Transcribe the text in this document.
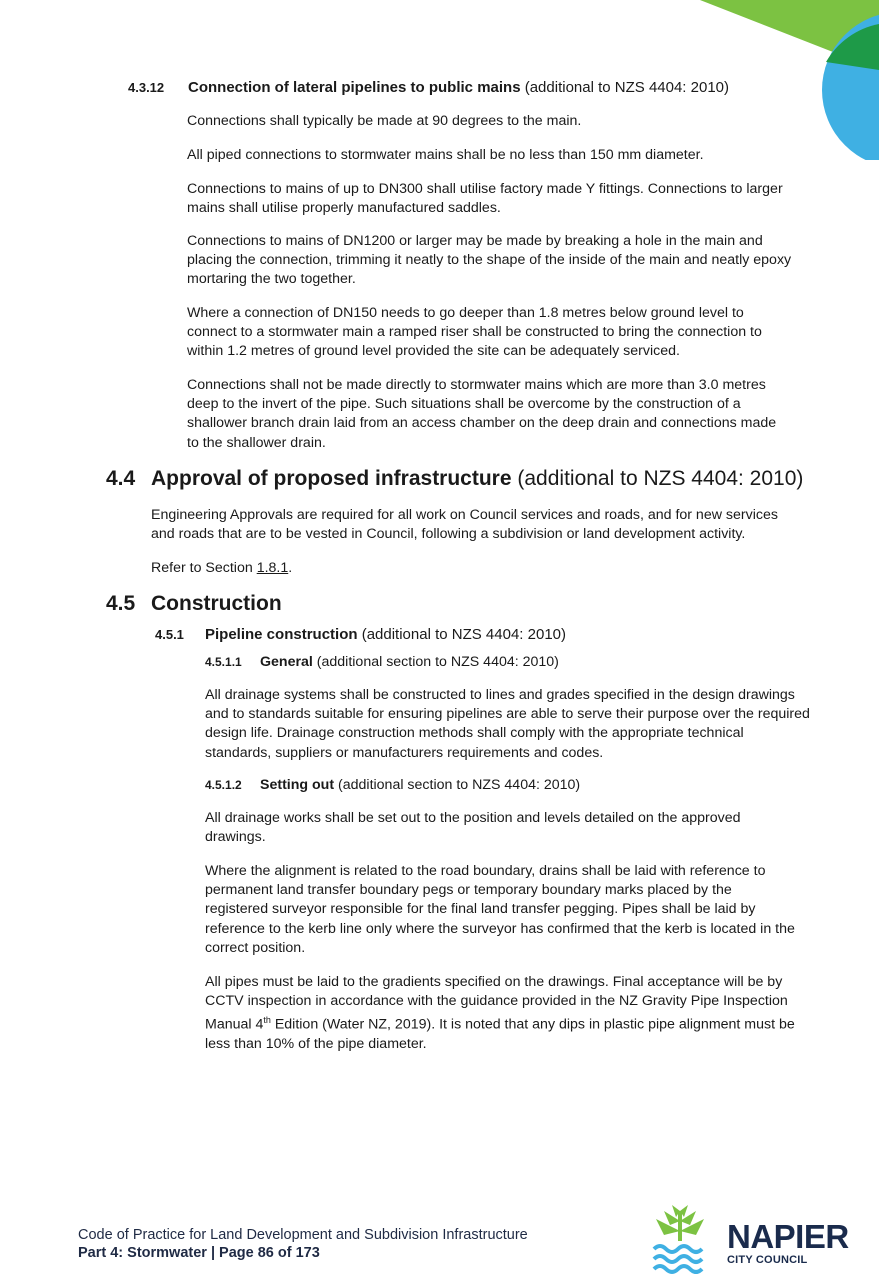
4.3.12 Connection of lateral pipelines to public mains (additional to NZS 4404: 2010)

Connections shall typically be made at 90 degrees to the main.

All piped connections to stormwater mains shall be no less than 150 mm diameter.

Connections to mains of up to DN300 shall utilise factory made Y fittings. Connections to larger mains shall utilise properly manufactured saddles.

Connections to mains of DN1200 or larger may be made by breaking a hole in the main and placing the connection, trimming it neatly to the shape of the inside of the main and neatly epoxy mortaring the two together.

Where a connection of DN150 needs to go deeper than 1.8 metres below ground level to connect to a stormwater main a ramped riser shall be constructed to bring the connection to within 1.2 metres of ground level provided the site can be adequately serviced.

Connections shall not be made directly to stormwater mains which are more than 3.0 metres deep to the invert of the pipe. Such situations shall be overcome by the construction of a shallower branch drain laid from an access chamber on the deep drain and connections made to the shallower drain.

4.4 Approval of proposed infrastructure (additional to NZS 4404: 2010)

Engineering Approvals are required for all work on Council services and roads, and for new services and roads that are to be vested in Council, following a subdivision or land development activity.

Refer to Section 1.8.1.

4.5 Construction
4.5.1 Pipeline construction (additional to NZS 4404: 2010)
4.5.1.1 General (additional section to NZS 4404: 2010)

All drainage systems shall be constructed to lines and grades specified in the design drawings and to standards suitable for ensuring pipelines are able to serve their purpose over the required design life. Drainage construction methods shall comply with the appropriate technical standards, suppliers or manufacturers requirements and codes.

4.5.1.2 Setting out (additional section to NZS 4404: 2010)

All drainage works shall be set out to the position and levels detailed on the approved drawings.

Where the alignment is related to the road boundary, drains shall be laid with reference to permanent land transfer boundary pegs or temporary boundary marks placed by the registered surveyor responsible for the final land transfer pegging. Pipes shall be laid by reference to the kerb line only where the surveyor has confirmed that the kerb is located in the correct position.

All pipes must be laid to the gradients specified on the drawings. Final acceptance will be by CCTV inspection in accordance with the guidance provided in the NZ Gravity Pipe Inspection Manual 4th Edition (Water NZ, 2019). It is noted that any dips in plastic pipe alignment must be less than 10% of the pipe diameter.

Code of Practice for Land Development and Subdivision Infrastructure
Part 4: Stormwater | Page 86 of 173	NAPIER
CITY COUNCIL
